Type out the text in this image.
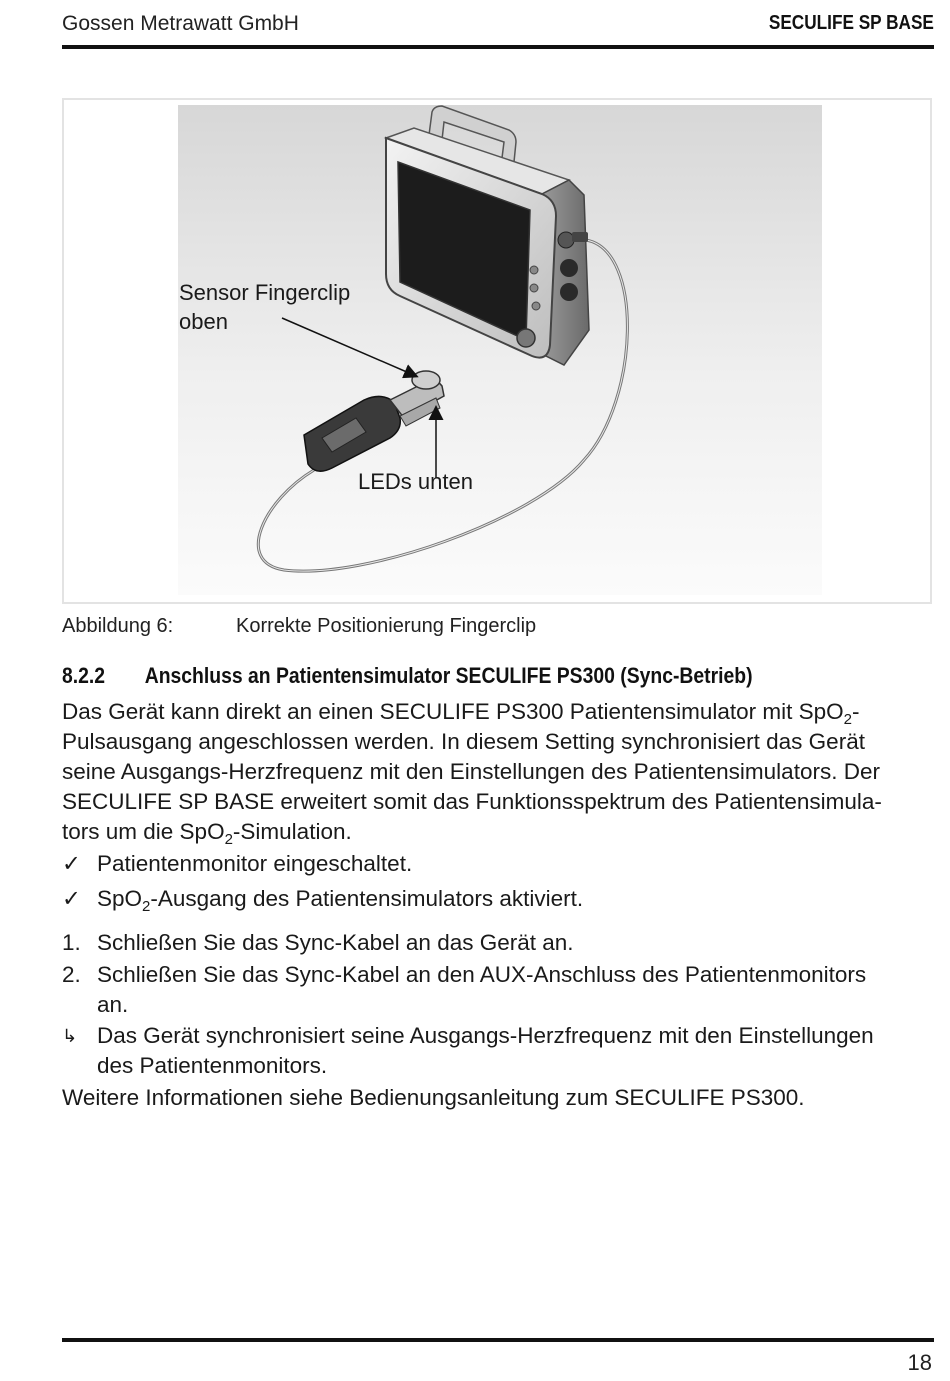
Gossen Metrawatt GmbH	SECULIFE SP BASE
Sensor Fingerclip
oben
LEDs unten
Abbildung 6:	Korrekte Positionierung Fingerclip
8.2.2 Anschluss an Patientensimulator SECULIFE PS300 (Sync-Betrieb)
Das Gerät kann direkt an einen SECULIFE PS300 Patientensimulator mit SpO$_2$-
Pulsausgang angeschlossen werden. In diesem Setting synchronisiert das Gerät
seine Ausgangs-Herzfrequenz mit den Einstellungen des Patientensimulators. Der
SECULIFE SP BASE erweitert somit das Funktionsspektrum des Patientensimula-
tors um die SpO$_2$-Simulation.
✓ Patientenmonitor eingeschaltet.
✓ SpO$_2$-Ausgang des Patientensimulators aktiviert.
1. Schließen Sie das Sync-Kabel an das Gerät an.
2. Schließen Sie das Sync-Kabel an den AUX-Anschluss des Patientenmonitors
an.
↳ Das Gerät synchronisiert seine Ausgangs-Herzfrequenz mit den Einstellungen
des Patientenmonitors.
Weitere Informationen siehe Bedienungsanleitung zum SECULIFE PS300.
18
